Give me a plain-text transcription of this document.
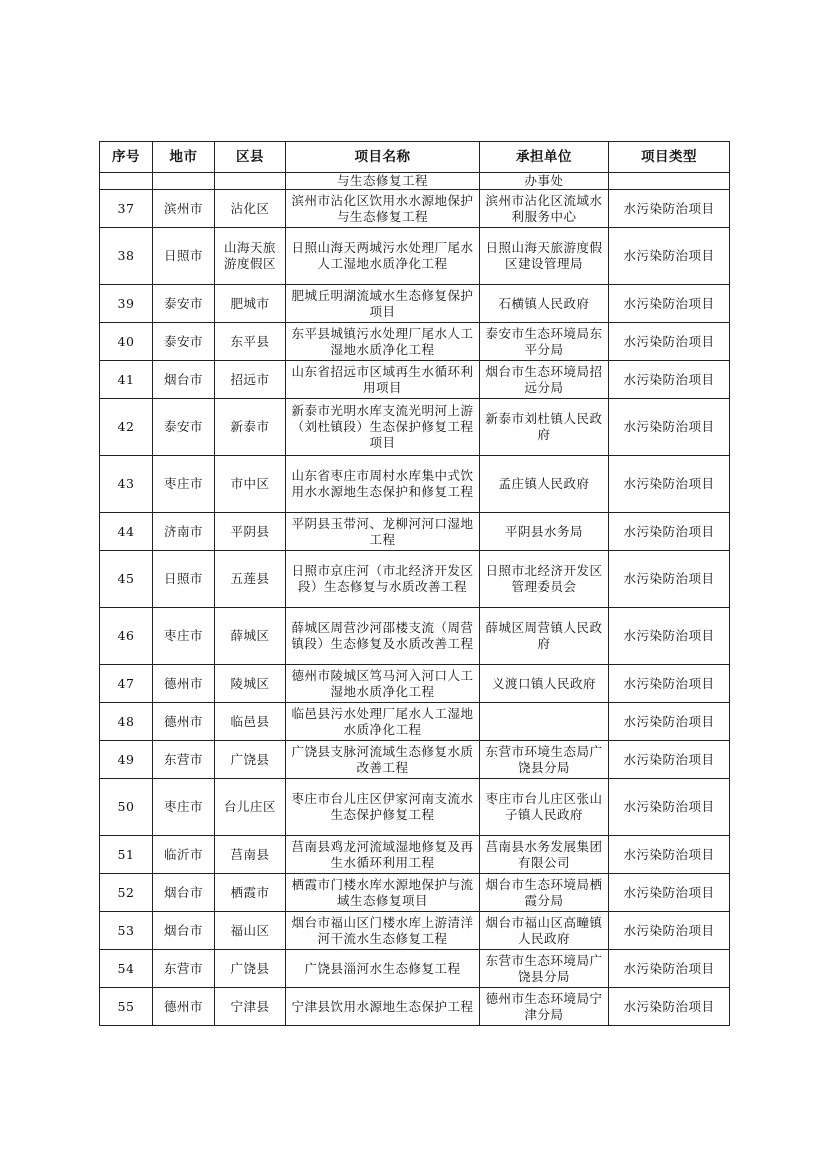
序号	地市	区县	项目名称	承担单位	项目类型
			与生态修复工程	办事处	
37	滨州市	沾化区	滨州市沾化区饮用水水源地保护与生态修复工程	滨州市沾化区流域水利服务中心	水污染防治项目
38	日照市	山海天旅游度假区	日照山海天两城污水处理厂尾水人工湿地水质净化工程	日照山海天旅游度假区建设管理局	水污染防治项目
39	泰安市	肥城市	肥城丘明湖流域水生态修复保护项目	石横镇人民政府	水污染防治项目
40	泰安市	东平县	东平县城镇污水处理厂尾水人工湿地水质净化工程	泰安市生态环境局东平分局	水污染防治项目
41	烟台市	招远市	山东省招远市区域再生水循环利用项目	烟台市生态环境局招远分局	水污染防治项目
42	泰安市	新泰市	新泰市光明水库支流光明河上游（刘杜镇段）生态保护修复工程项目	新泰市刘杜镇人民政府	水污染防治项目
43	枣庄市	市中区	山东省枣庄市周村水库集中式饮用水水源地生态保护和修复工程	孟庄镇人民政府	水污染防治项目
44	济南市	平阴县	平阴县玉带河、龙柳河河口湿地工程	平阴县水务局	水污染防治项目
45	日照市	五莲县	日照市京庄河（市北经济开发区段）生态修复与水质改善工程	日照市北经济开发区管理委员会	水污染防治项目
46	枣庄市	薛城区	薛城区周营沙河邵楼支流（周营镇段）生态修复及水质改善工程	薛城区周营镇人民政府	水污染防治项目
47	德州市	陵城区	德州市陵城区笃马河入河口人工湿地水质净化工程	义渡口镇人民政府	水污染防治项目
48	德州市	临邑县	临邑县污水处理厂尾水人工湿地水质净化工程		水污染防治项目
49	东营市	广饶县	广饶县支脉河流域生态修复水质改善工程	东营市环境生态局广饶县分局	水污染防治项目
50	枣庄市	台儿庄区	枣庄市台儿庄区伊家河南支流水生态保护修复工程	枣庄市台儿庄区张山子镇人民政府	水污染防治项目
51	临沂市	莒南县	莒南县鸡龙河流域湿地修复及再生水循环利用工程	莒南县水务发展集团有限公司	水污染防治项目
52	烟台市	栖霞市	栖霞市门楼水库水源地保护与流域生态修复项目	烟台市生态环境局栖霞分局	水污染防治项目
53	烟台市	福山区	烟台市福山区门楼水库上游清洋河干流水生态修复工程	烟台市福山区高疃镇人民政府	水污染防治项目
54	东营市	广饶县	广饶县淄河水生态修复工程	东营市生态环境局广饶县分局	水污染防治项目
55	德州市	宁津县	宁津县饮用水源地生态保护工程	德州市生态环境局宁津分局	水污染防治项目
